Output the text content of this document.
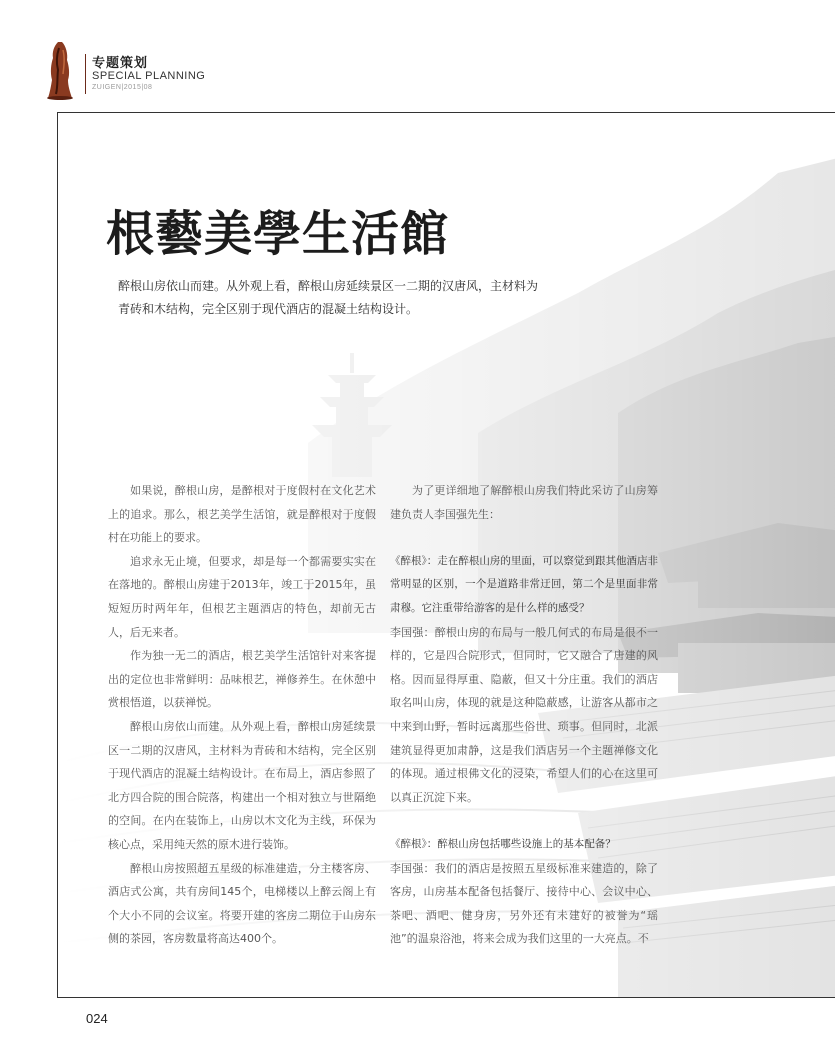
专题策划
SPECIAL PLANNING
ZUIGEN|2015|08
根藝美學生活館
醉根山房依山而建。从外观上看，醉根山房延续景区一二期的汉唐风，主材料为青砖和木结构，完全区别于现代酒店的混凝土结构设计。

如果说，醉根山房，是醉根对于度假村在文化艺术上的追求。那么，根艺美学生活馆，就是醉根对于度假村在功能上的要求。

追求永无止境，但要求，却是每一个都需要实实在在落地的。醉根山房建于2013年，竣工于2015年，虽短短历时两年年，但根艺主题酒店的特色，却前无古人，后无来者。

作为独一无二的酒店，根艺美学生活馆针对来客提出的定位也非常鲜明：品味根艺，禅修养生。在休憩中赏根悟道，以获禅悦。

醉根山房依山而建。从外观上看，醉根山房延续景区一二期的汉唐风，主材料为青砖和木结构，完全区别于现代酒店的混凝土结构设计。在布局上，酒店参照了北方四合院的围合院落，构建出一个相对独立与世隔绝的空间。在内在装饰上，山房以木文化为主线，环保为核心点，采用纯天然的原木进行装饰。

醉根山房按照超五星级的标准建造，分主楼客房、酒店式公寓，共有房间145个，电梯楼以上醉云阁上有个大小不同的会议室。将要开建的客房二期位于山房东侧的茶园，客房数量将高达400个。

为了更详细地了解醉根山房我们特此采访了山房筹建负责人李国强先生：

《醉根》：走在醉根山房的里面，可以察觉到跟其他酒店非常明显的区别，一个是道路非常迂回，第二个是里面非常肃穆。它注重带给游客的是什么样的感受？

李国强：醉根山房的布局与一般几何式的布局是很不一样的，它是四合院形式，但同时，它又融合了唐建的风格。因而显得厚重、隐蔽，但又十分庄重。我们的酒店取名叫山房，体现的就是这种隐蔽感，让游客从都市之中来到山野，暂时远离那些俗世、琐事。但同时，北派建筑显得更加肃静，这是我们酒店另一个主题禅修文化的体现。通过根佛文化的浸染，希望人们的心在这里可以真正沉淀下来。

《醉根》：醉根山房包括哪些设施上的基本配备？

李国强：我们的酒店是按照五星级标准来建造的，除了客房，山房基本配备包括餐厅、接待中心、会议中心、茶吧、酒吧、健身房，另外还有未建好的被誉为“瑶池”的温泉浴池，将来会成为我们这里的一大亮点。不

024
